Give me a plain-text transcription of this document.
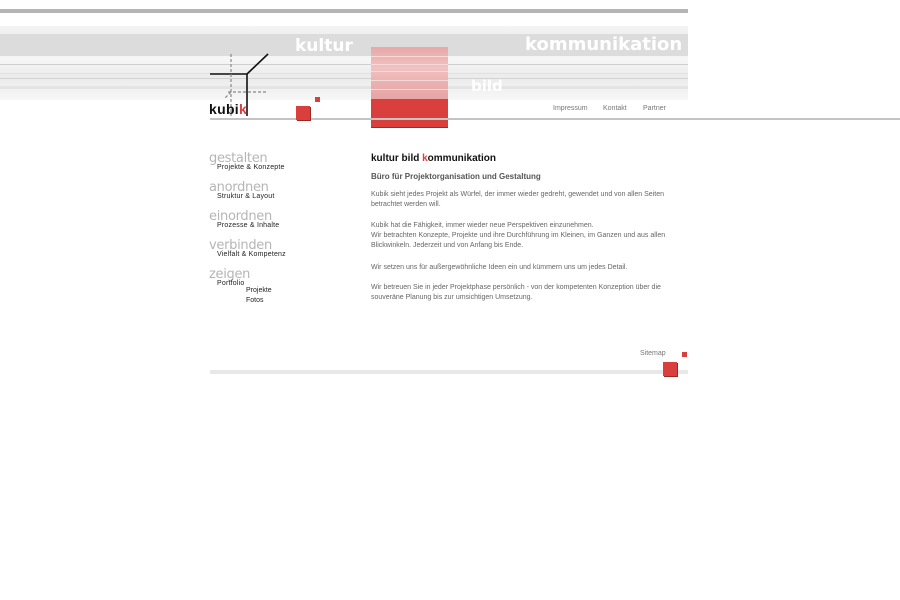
kultur	kommunikation
bild
kubik	Impressum Kontakt Partner
gestalten
Projekte & Konzepte
anordnen
Struktur & Layout
einordnen
Prozesse & Inhalte
verbinden
Vielfalt & Kompetenz
zeigen
Portfolio
Projekte
Fotos
kultur bild kommunikation
Büro für Projektorganisation und Gestaltung

Kubik sieht jedes Projekt als Würfel, der immer wieder gedreht, gewendet und von allen Seiten betrachtet werden will.

Kubik hat die Fähigkeit, immer wieder neue Perspektiven einzunehmen.

Wir betrachten Konzepte, Projekte und ihre Durchführung im Kleinen, im Ganzen und aus allen Blickwinkeln. Jederzeit und von Anfang bis Ende.

Wir setzen uns für außergewöhnliche Ideen ein und kümmern uns um jedes Detail.

Wir betreuen Sie in jeder Projektphase persönlich - von der kompetenten Konzeption über die souveräne Planung bis zur umsichtigen Umsetzung.

Sitemap
